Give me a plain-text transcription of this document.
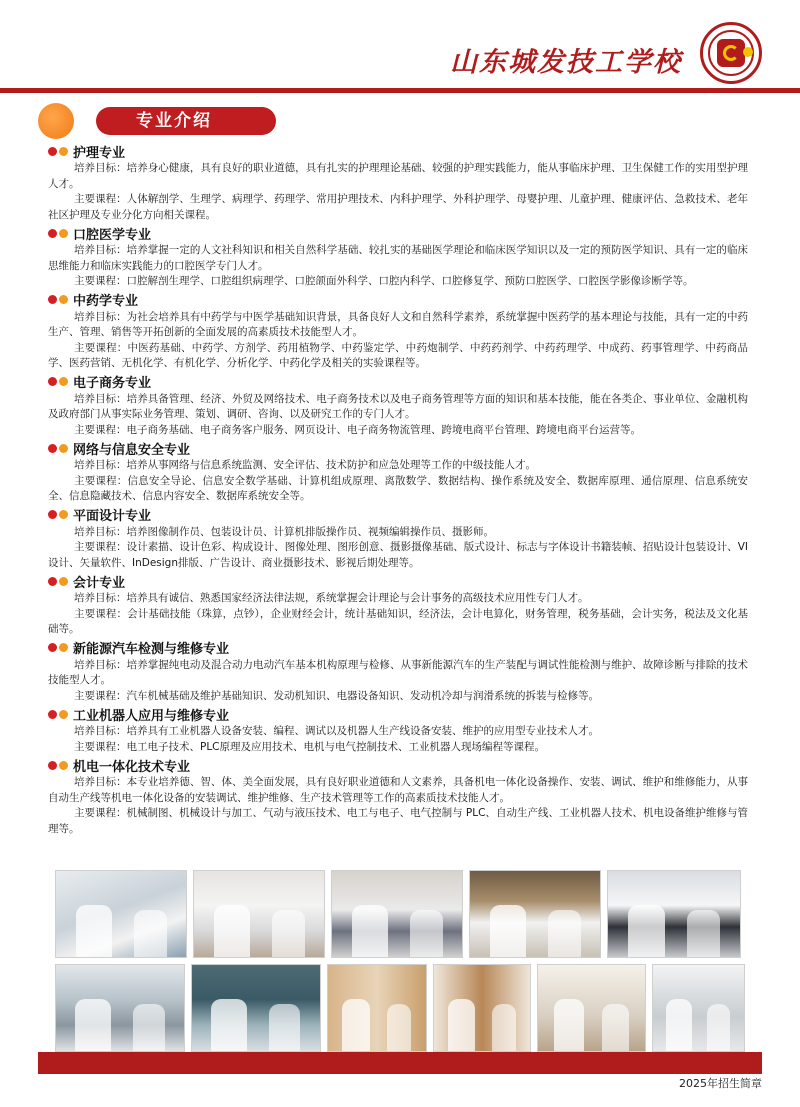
山东城发技工学校
专业介绍
护理专业

培养目标：培养身心健康，具有良好的职业道德，具有扎实的护理理论基础、较强的护理实践能力，能从事临床护理、卫生保健工作的实用型护理人才。

主要课程：人体解剖学、生理学、病理学、药理学、常用护理技术、内科护理学、外科护理学、母婴护理、儿童护理、健康评估、急救技术、老年社区护理及专业分化方向相关课程。

口腔医学专业

培养目标：培养掌握一定的人文社科知识和相关自然科学基础、较扎实的基础医学理论和临床医学知识以及一定的预防医学知识、具有一定的临床思维能力和临床实践能力的口腔医学专门人才。

主要课程：口腔解剖生理学、口腔组织病理学、口腔颌面外科学、口腔内科学、口腔修复学、预防口腔医学、口腔医学影像诊断学等。

中药学专业

培养目标：为社会培养具有中药学与中医学基础知识背景，具备良好人文和自然科学素养，系统掌握中医药学的基本理论与技能，具有一定的中药生产、管理、销售等开拓创新的全面发展的高素质技术技能型人才。

主要课程：中医药基础、中药学、方剂学、药用植物学、中药鉴定学、中药炮制学、中药药剂学、中药药理学、中成药、药事管理学、中药商品学、医药营销、无机化学、有机化学、分析化学、中药化学及相关的实验课程等。

电子商务专业

培养目标：培养具备管理、经济、外贸及网络技术、电子商务技术以及电子商务管理等方面的知识和基本技能，能在各类企、事业单位、金融机构及政府部门从事实际业务管理、策划、调研、咨询、以及研究工作的专门人才。

主要课程：电子商务基础、电子商务客户服务、网页设计、电子商务物流管理、跨境电商平台管理、跨境电商平台运营等。

网络与信息安全专业

培养目标：培养从事网络与信息系统监测、安全评估、技术防护和应急处理等工作的中级技能人才。

主要课程：信息安全导论、信息安全数学基础、计算机组成原理、离散数学、数据结构、操作系统及安全、数据库原理、通信原理、信息系统安全、信息隐藏技术、信息内容安全、数据库系统安全等。

平面设计专业

培养目标：培养图像制作员、包装设计员、计算机排版操作员、视频编辑操作员、摄影师。

主要课程：设计素描、设计色彩、构成设计、图像处理、图形创意、摄影摄像基础、版式设计、标志与字体设计书籍装帧、招贴设计包装设计、VI设计、矢量软件、InDesign排版、广告设计、商业摄影技术、影视后期处理等。

会计专业

培养目标：培养具有诚信、熟悉国家经济法律法规，系统掌握会计理论与会计事务的高级技术应用性专门人才。

主要课程：会计基础技能（珠算，点钞），企业财经会计，统计基础知识，经济法，会计电算化，财务管理，税务基础，会计实务，税法及文化基础等。

新能源汽车检测与维修专业

培养目标：培养掌握纯电动及混合动力电动汽车基本机构原理与检修、从事新能源汽车的生产装配与调试性能检测与维护、故障诊断与排除的技术技能型人才。

主要课程：汽车机械基础及维护基础知识、发动机知识、电器设备知识、发动机冷却与润滑系统的拆装与检修等。

工业机器人应用与维修专业

培养目标：培养具有工业机器人设备安装、编程、调试以及机器人生产线设备安装、维护的应用型专业技术人才。

主要课程：电工电子技术、PLC原理及应用技术、电机与电气控制技术、工业机器人现场编程等课程。

机电一体化技术专业

培养目标：本专业培养德、智、体、美全面发展，具有良好职业道德和人文素养，具备机电一体化设备操作、安装、调试、维护和维修能力，从事自动生产线等机电一体化设备的安装调试、维护维修、生产技术管理等工作的高素质技术技能人才。

主要课程：机械制图、机械设计与加工、气动与液压技术、电工与电子、电气控制与 PLC、自动生产线、工业机器人技术、机电设备维护维修与管理等。

2025年招生简章
